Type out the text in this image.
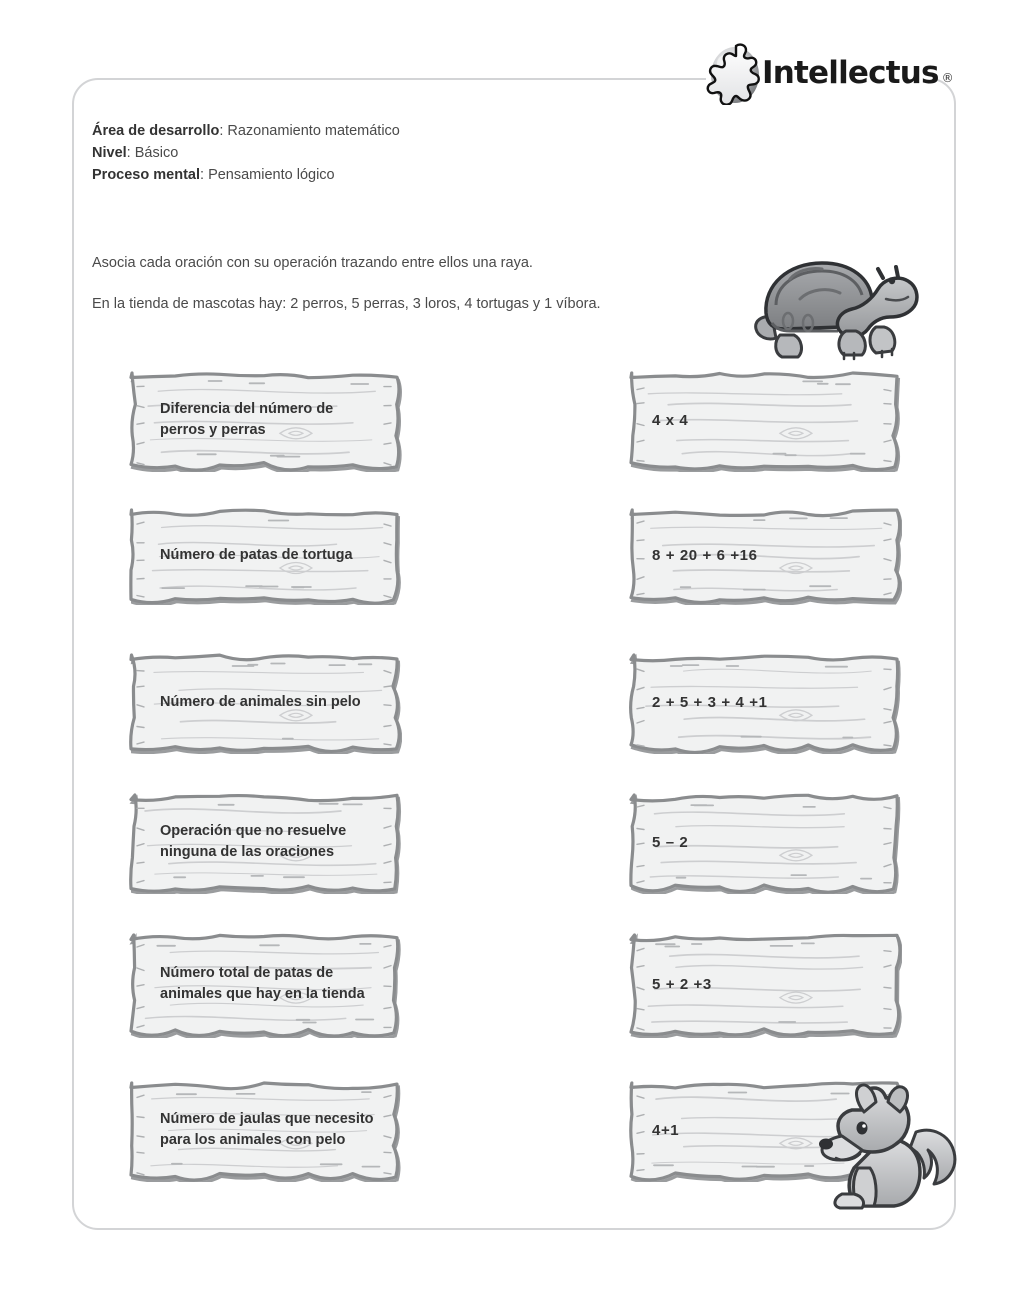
Intellectus ®
Área de desarrollo: Razonamiento matemático
Nivel: Básico
Proceso mental: Pensamiento lógico
Asocia cada oración con su operación trazando entre ellos una raya.
En la tienda de mascotas hay: 2 perros, 5 perras, 3 loros, 4 tortugas y 1 víbora.
Diferencia del número de perros y perras
Número de patas de tortuga
Número de animales sin pelo
Operación que no resuelve ninguna de las oraciones
Número total de patas de animales que hay en la tienda
Número de jaulas que necesito para los animales con pelo
4 x 4
8 + 20 + 6 +16
2 + 5 + 3 + 4 +1
5 – 2
5 + 2 +3
4+1
